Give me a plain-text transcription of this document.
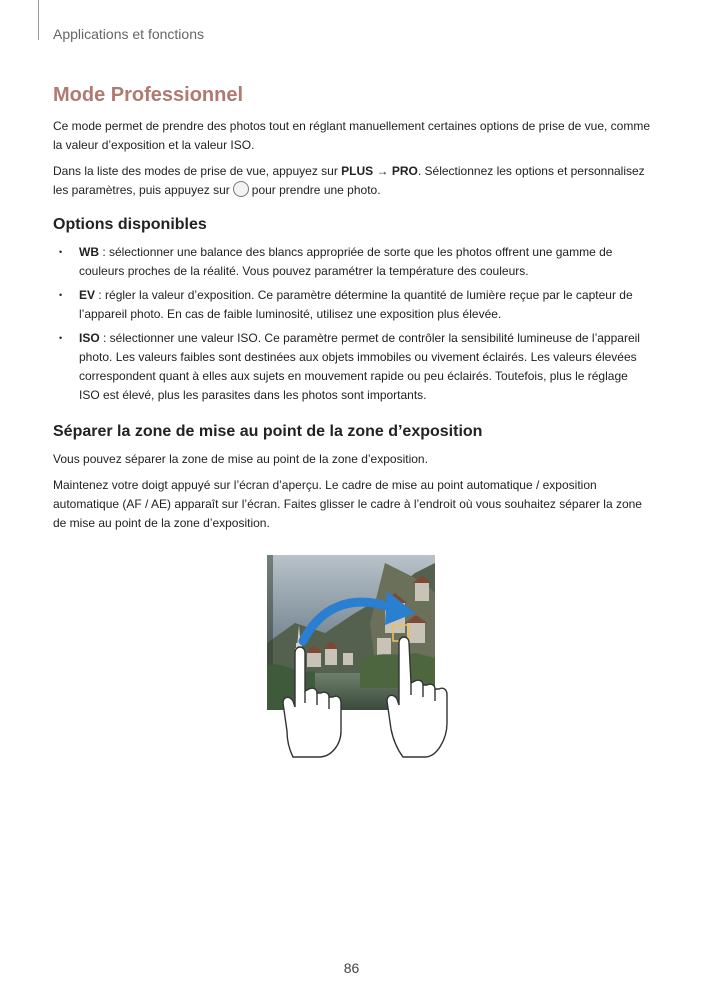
Applications et fonctions
Mode Professionnel

Ce mode permet de prendre des photos tout en réglant manuellement certaines options de prise de vue, comme la valeur d’exposition et la valeur ISO.

Dans la liste des modes de prise de vue, appuyez sur PLUS → PRO. Sélectionnez les options et personnalisez les paramètres, puis appuyez sur pour prendre une photo.

Options disponibles
• WB : sélectionner une balance des blancs appropriée de sorte que les photos offrent une gamme de couleurs proches de la réalité. Vous pouvez paramétrer la température des couleurs.
• EV : régler la valeur d’exposition. Ce paramètre détermine la quantité de lumière reçue par le capteur de l’appareil photo. En cas de faible luminosité, utilisez une exposition plus élevée.
• ISO : sélectionner une valeur ISO. Ce paramètre permet de contrôler la sensibilité lumineuse de l’appareil photo. Les valeurs faibles sont destinées aux objets immobiles ou vivement éclairés. Les valeurs élevées correspondent quant à elles aux sujets en mouvement rapide ou peu éclairés. Toutefois, plus le réglage ISO est élevé, plus les parasites dans les photos sont importants.
Séparer la zone de mise au point de la zone d’exposition

Vous pouvez séparer la zone de mise au point de la zone d’exposition.

Maintenez votre doigt appuyé sur l’écran d’aperçu. Le cadre de mise au point automatique / exposition automatique (AF / AE) apparaît sur l’écran. Faites glisser le cadre à l’endroit où vous souhaitez séparer la zone de mise au point de la zone d’exposition.

86
